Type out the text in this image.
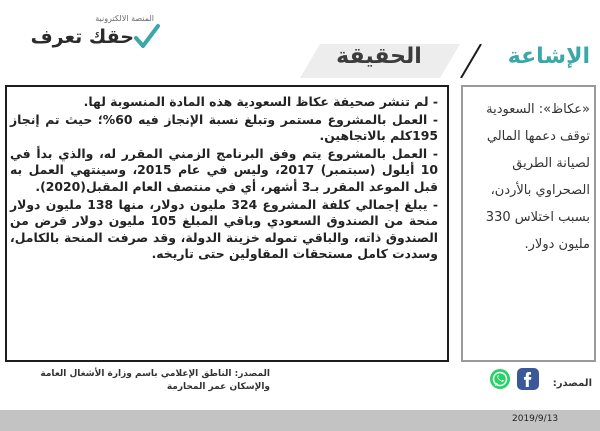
المنصة الالكترونية
حقك تعرف
الإشاعة
الحقيقة

- لم تنشر صحيفة عكاظ السعودية هذه المادة المنسوبة لها.

- العمل بالمشروع مستمر وتبلغ نسبة الإنجاز فيه 60%؛ حيث تم إنجاز 195كلم بالاتجاهين.

- العمل بالمشروع يتم وفق البرنامج الزمني المقرر له، والذي بدأ في 10 أيلول (سبتمبر) 2017، وليس في عام 2015، وسينتهي العمل به قبل الموعد المقرر بـ3 أشهر، أي في منتصف العام المقبل(2020).

- يبلغ إجمالي كلفة المشروع 324 مليون دولار، منها 138 مليون دولار منحة من الصندوق السعودي وباقي المبلغ 105 مليون دولار قرض من الصندوق ذاته، والباقي تموله خزينة الدولة، وقد صرفت المنحة بالكامل، وسددت كامل مستحقات المقاولين حتى تاريخه.

«عكاظ»: السعودية توقف دعمها المالي لصيانة الطريق الصحراوي بالأردن، بسبب اختلاس 330 مليون دولار.
المصدر: الناطق الإعلامي باسم وزارة الأشغال العامة والإسكان عمر المحارمة	المصدر:
2019/9/13
